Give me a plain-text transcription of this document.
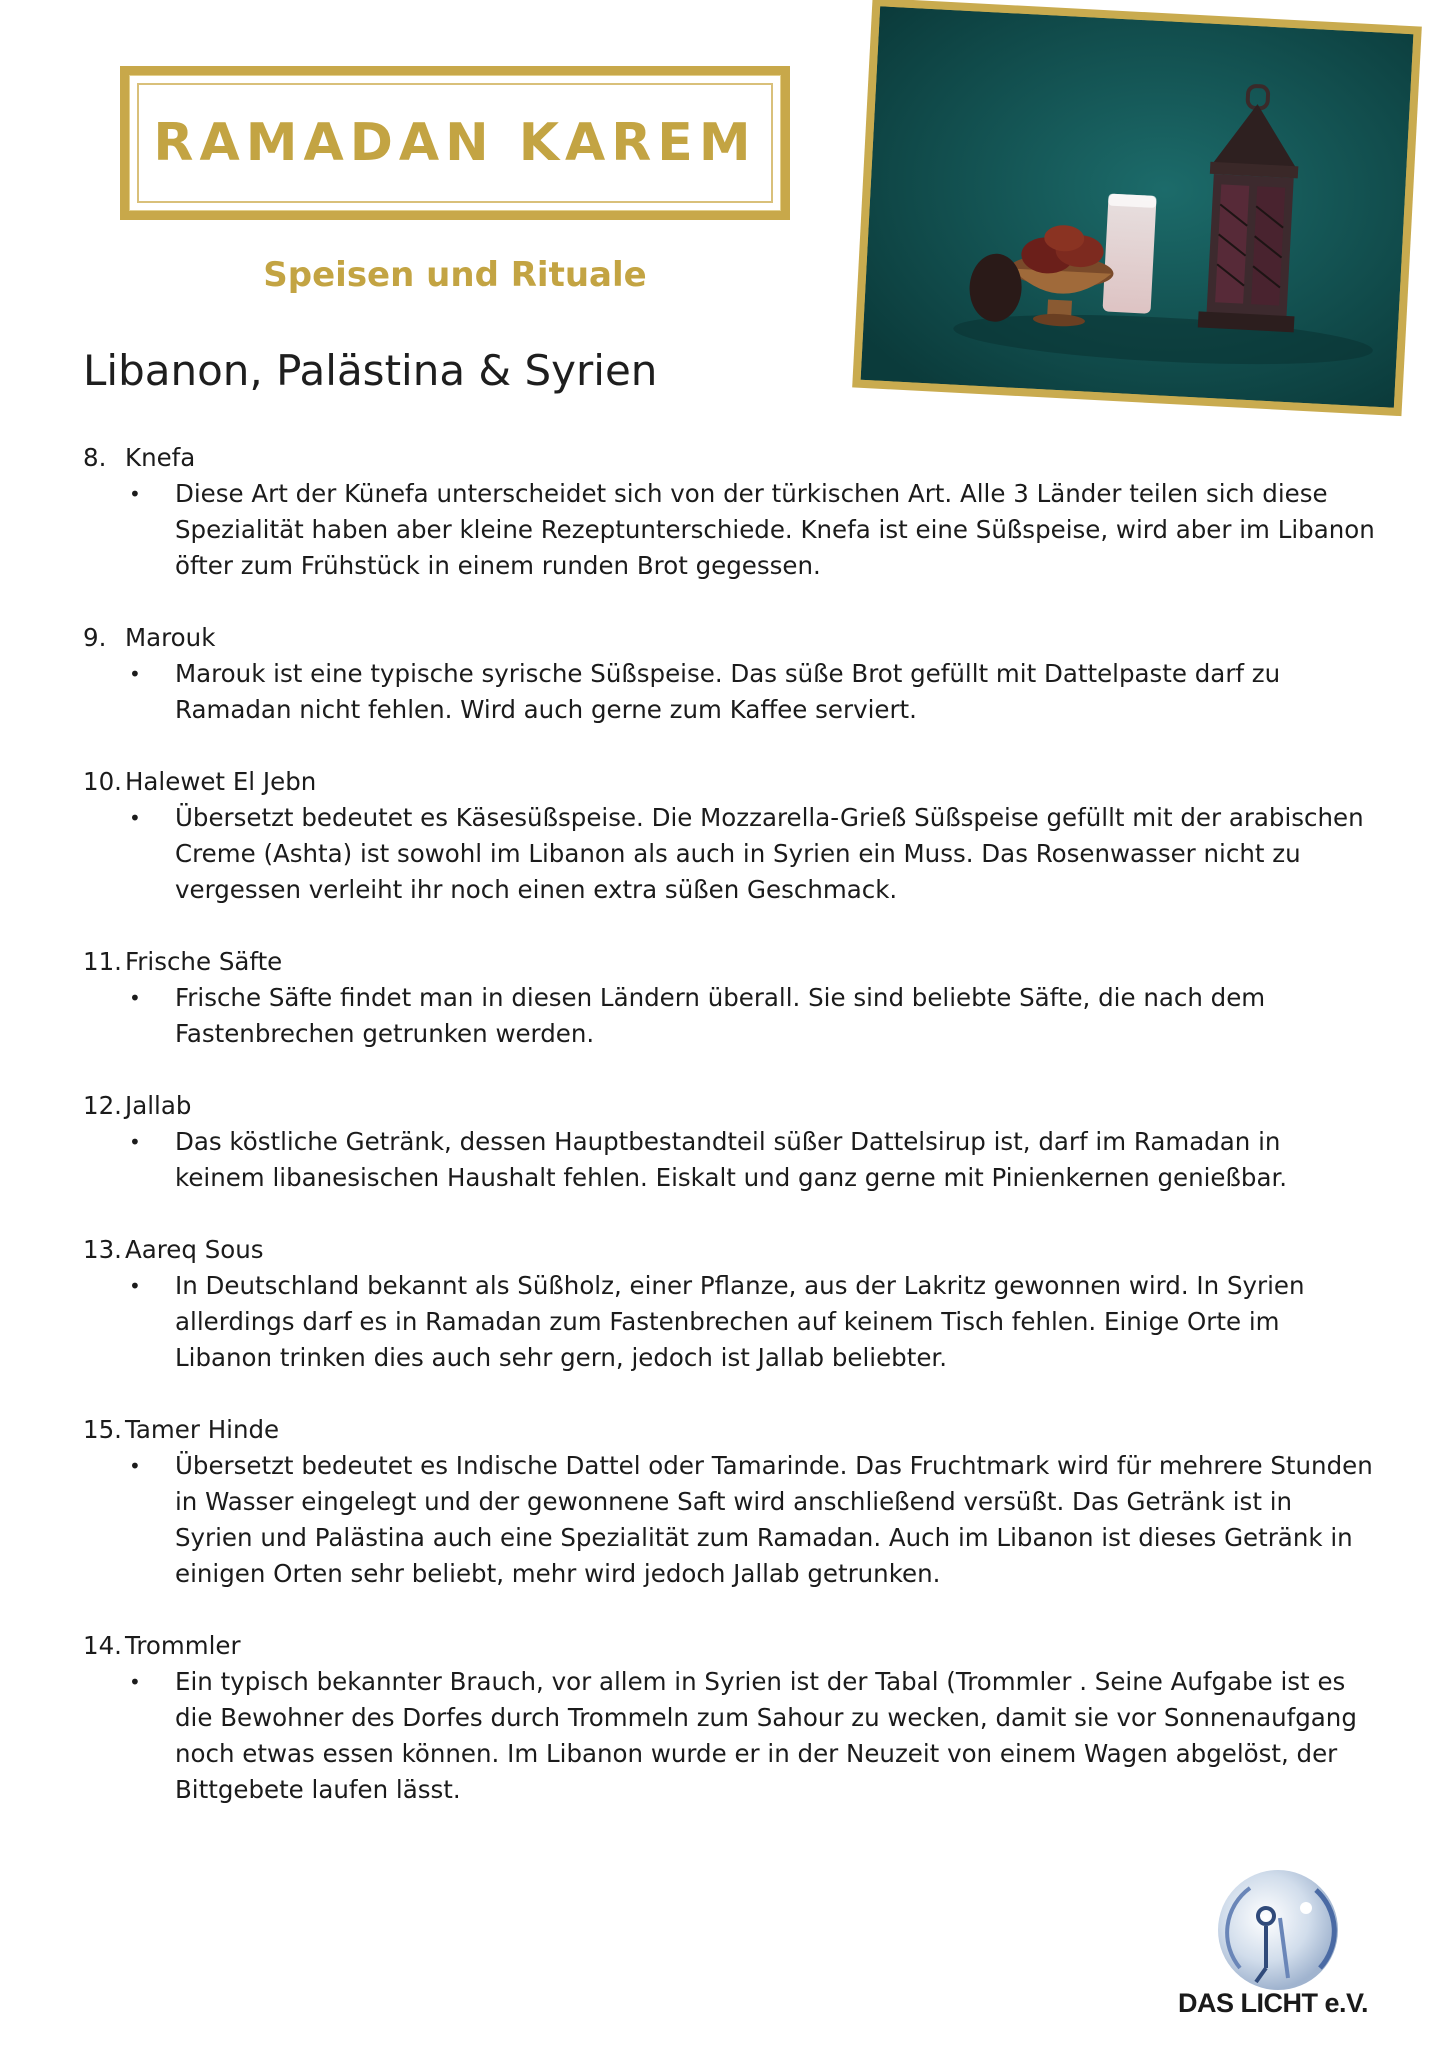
RAMADAN KAREM
Speisen und Rituale
Libanon, Palästina & Syrien
8. Knefa
•	Diese Art der Künefa unterscheidet sich von der türkischen Art. Alle 3 Länder teilen sich diese Spezialität haben aber kleine Rezeptunterschiede. Knefa ist eine Süßspeise, wird aber im Libanon öfter zum Frühstück in einem runden Brot gegessen.
9. Marouk
•	Marouk ist eine typische syrische Süßspeise. Das süße Brot gefüllt mit Dattelpaste darf zu Ramadan nicht fehlen. Wird auch gerne zum Kaffee serviert.
10. Halewet El Jebn
•	Übersetzt bedeutet es Käsesüßspeise. Die Mozzarella-Grieß Süßspeise gefüllt mit der arabischen Creme (Ashta) ist sowohl im Libanon als auch in Syrien ein Muss. Das Rosenwasser nicht zu vergessen verleiht ihr noch einen extra süßen Geschmack.
11. Frische Säfte
•	Frische Säfte findet man in diesen Ländern überall. Sie sind beliebte Säfte, die nach dem Fastenbrechen getrunken werden.
12. Jallab
•	Das köstliche Getränk, dessen Hauptbestandteil süßer Dattelsirup ist, darf im Ramadan in keinem libanesischen Haushalt fehlen. Eiskalt und ganz gerne mit Pinienkernen genießbar.
13. Aareq Sous
•	In Deutschland bekannt als Süßholz, einer Pflanze, aus der Lakritz gewonnen wird. In Syrien allerdings darf es in Ramadan zum Fastenbrechen auf keinem Tisch fehlen. Einige Orte im Libanon trinken dies auch sehr gern, jedoch ist Jallab beliebter.
15. Tamer Hinde
•	Übersetzt bedeutet es Indische Dattel oder Tamarinde. Das Fruchtmark wird für mehrere Stunden in Wasser eingelegt und der gewonnene Saft wird anschließend versüßt. Das Getränk ist in Syrien und Palästina auch eine Spezialität zum Ramadan. Auch im Libanon ist dieses Getränk in einigen Orten sehr beliebt, mehr wird jedoch Jallab getrunken.
14. Trommler
•	Ein typisch bekannter Brauch, vor allem in Syrien ist der Tabal (Trommler . Seine Aufgabe ist es die Bewohner des Dorfes durch Trommeln zum Sahour zu wecken, damit sie vor Sonnenaufgang noch etwas essen können. Im Libanon wurde er in der Neuzeit von einem Wagen abgelöst, der Bittgebete laufen lässt.
DAS LICHT e.V.
